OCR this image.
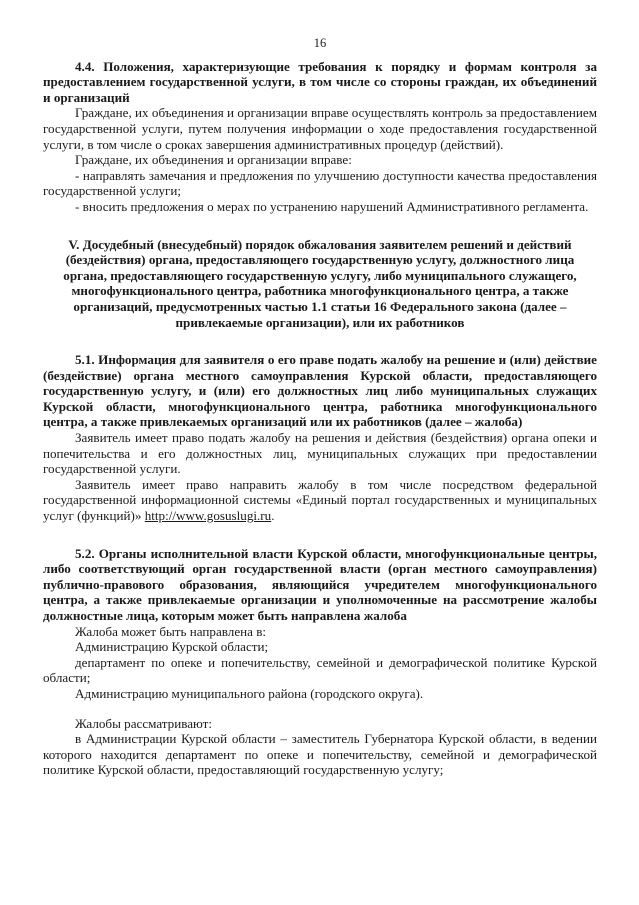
16

4.4. Положения, характеризующие требования к порядку и формам контроля за предоставлением государственной услуги, в том числе со стороны граждан, их объединений и организаций

Граждане, их объединения и организации вправе осуществлять контроль за предоставлением государственной услуги, путем получения информации о ходе предоставления государственной услуги, в том числе о сроках завершения административных процедур (действий).

Граждане, их объединения и организации вправе:

- направлять замечания и предложения по улучшению доступности качества предоставления государственной услуги;

- вносить предложения о мерах по устранению нарушений Административного регламента.

V. Досудебный (внесудебный) порядок обжалования заявителем решений и действий (бездействия) органа, предоставляющего государственную услугу, должностного лица органа, предоставляющего государственную услугу, либо муниципального служащего, многофункционального центра, работника многофункционального центра, а также организаций, предусмотренных частью 1.1 статьи 16 Федерального закона (далее – привлекаемые организации), или их работников

5.1. Информация для заявителя о его праве подать жалобу на решение и (или) действие (бездействие) органа местного самоуправления Курской области, предоставляющего государственную услугу, и (или) его должностных лиц либо муниципальных служащих Курской области, многофункционального центра, работника многофункционального центра, а также привлекаемых организаций или их работников (далее – жалоба)

Заявитель имеет право подать жалобу на решения и действия (бездействия) органа опеки и попечительства и его должностных лиц, муниципальных служащих при предоставлении государственной услуги.

Заявитель имеет право направить жалобу в том числе посредством федеральной государственной информационной системы «Единый портал государственных и муниципальных услуг (функций)» http://www.gosuslugi.ru.

5.2. Органы исполнительной власти Курской области, многофункциональные центры, либо соответствующий орган государственной власти (орган местного самоуправления) публично-правового образования, являющийся учредителем многофункционального центра, а также привлекаемые организации и уполномоченные на рассмотрение жалобы должностные лица, которым может быть направлена жалоба

Жалоба может быть направлена в:

Администрацию Курской области;

департамент по опеке и попечительству, семейной и демографической политике Курской области;

Администрацию муниципального района (городского округа).

Жалобы рассматривают:

в Администрации Курской области – заместитель Губернатора Курской области, в ведении которого находится департамент по опеке и попечительству, семейной и демографической политике Курской области, предоставляющий государственную услугу;
